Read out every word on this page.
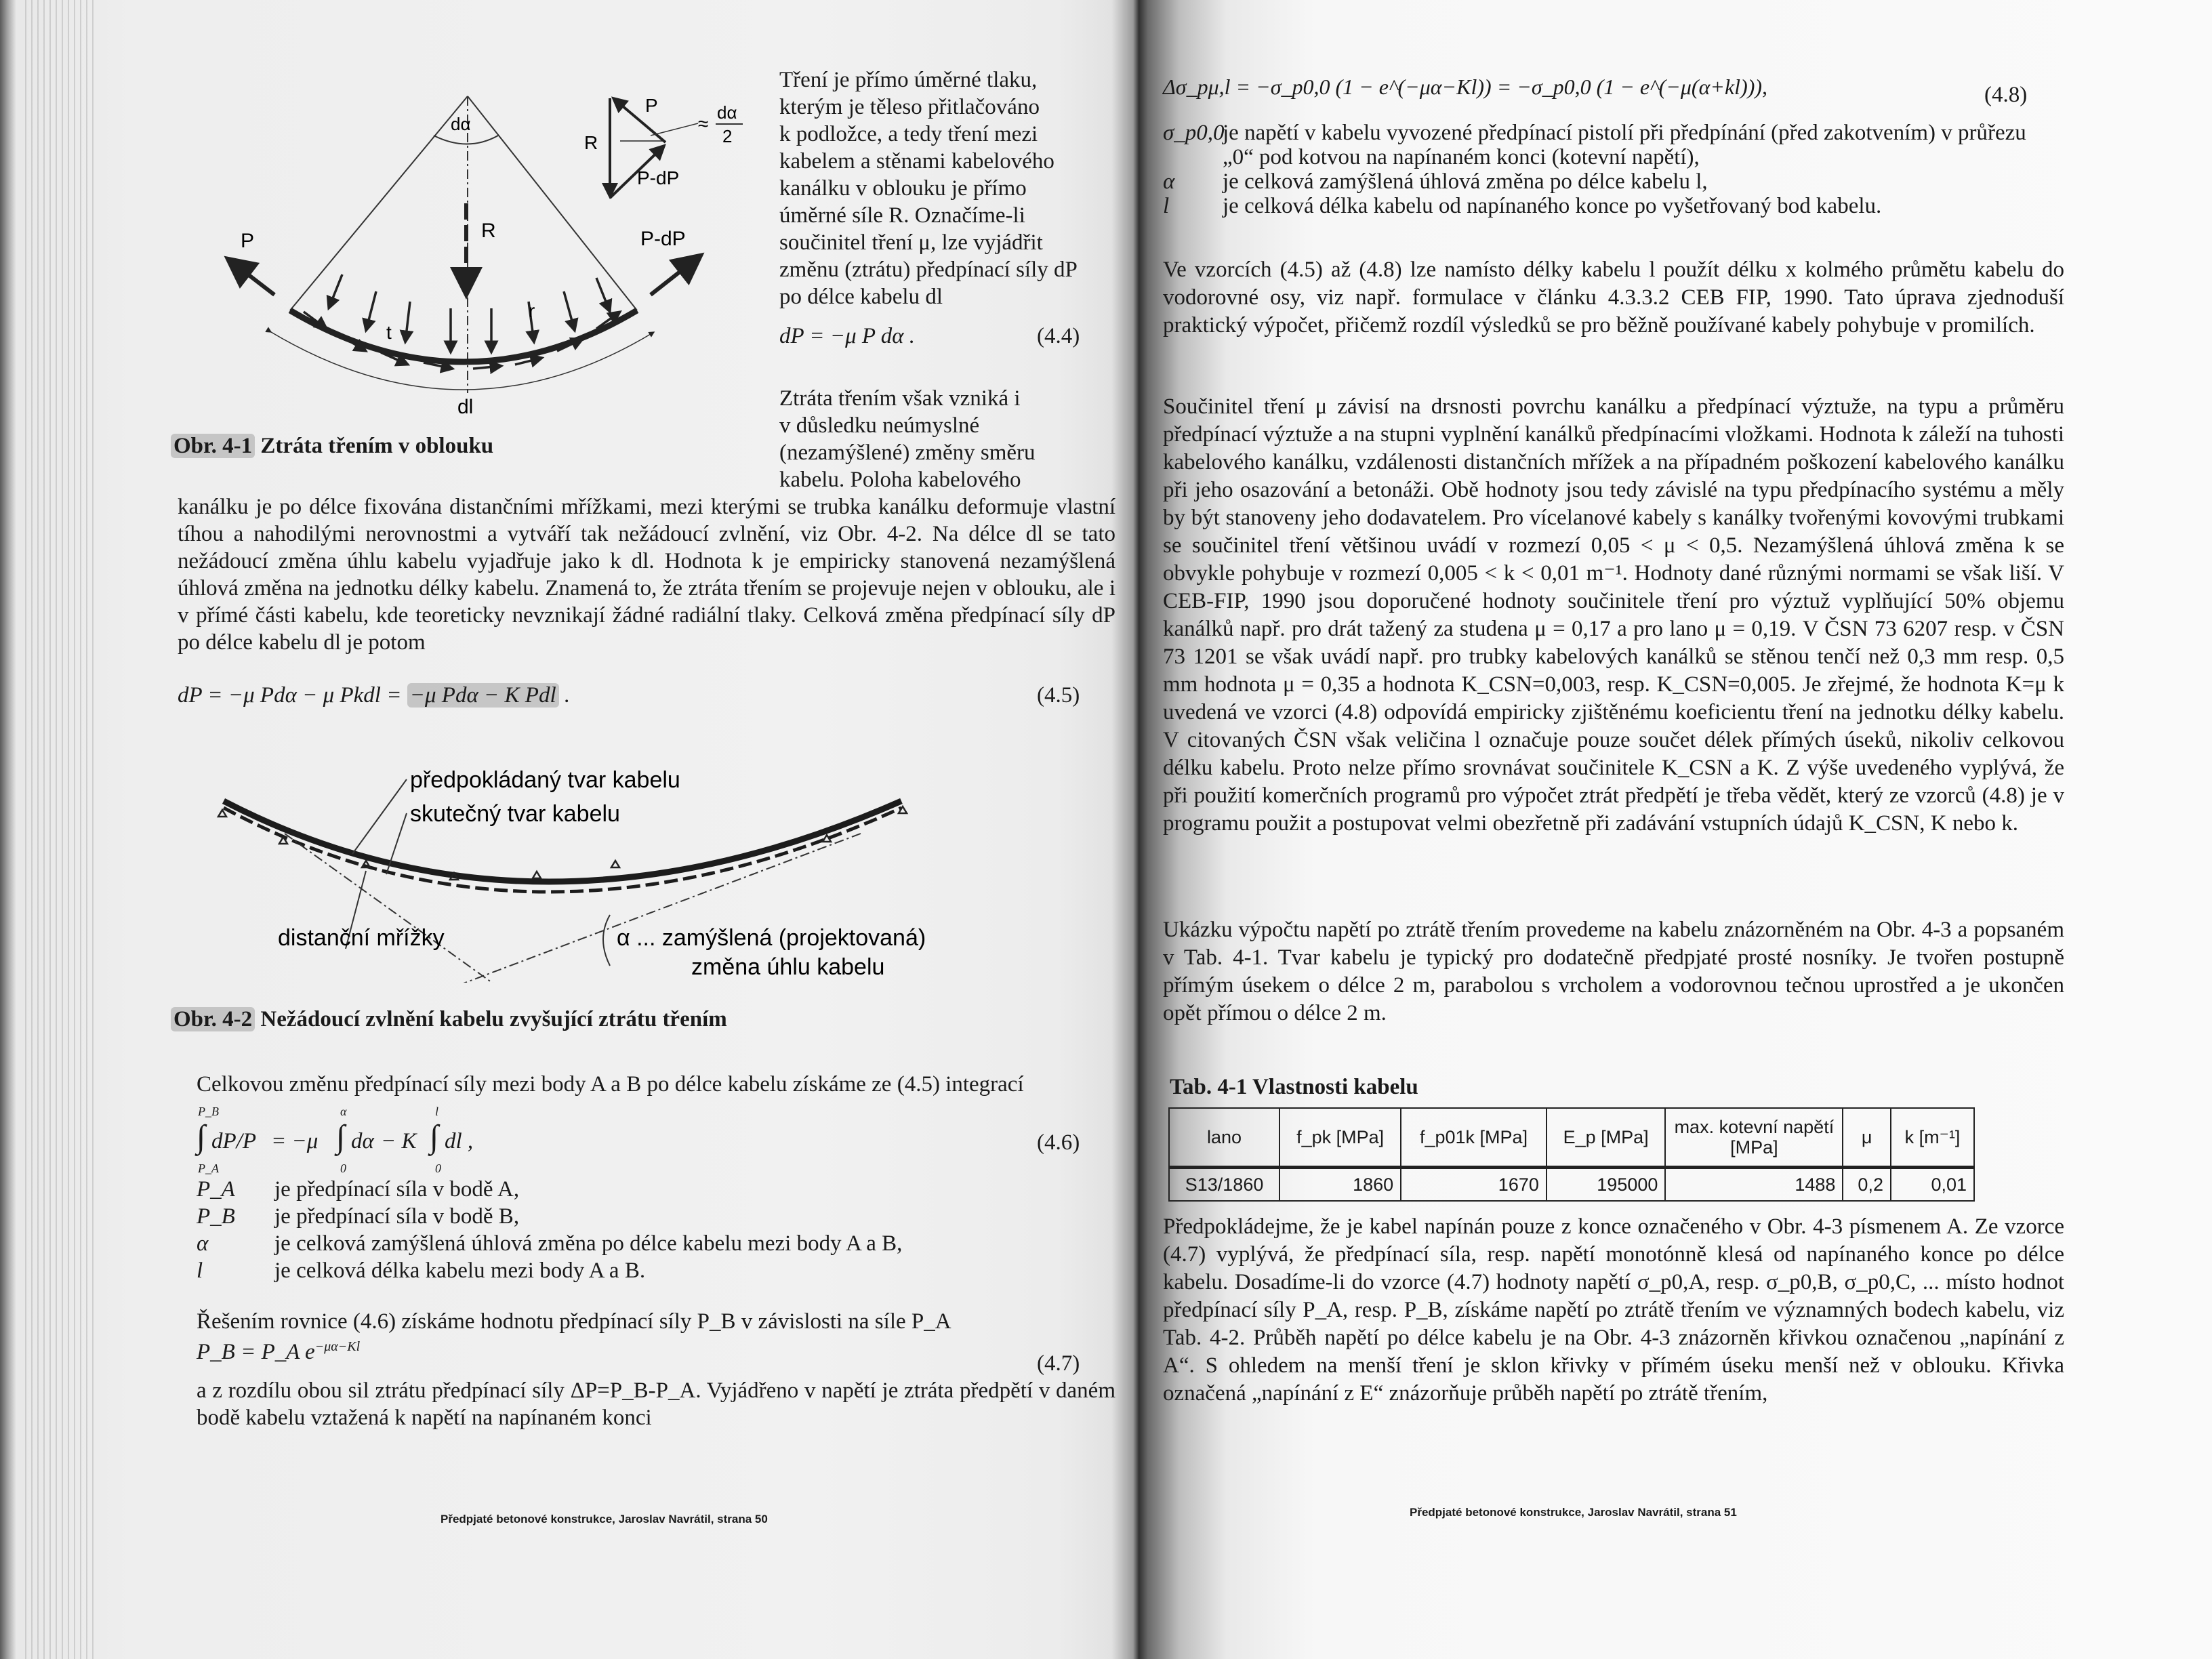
dα
R
P	P-dP
t
r
dl
P
R
P-dP
≈
dα
2
Obr. 4-1 Ztráta třením v oblouku

Tření je přímo úměrné tlaku,

kterým je těleso přitlačováno

k podložce, a tedy tření mezi

kabelem a stěnami kabelového

kanálku v oblouku je přímo

úměrné síle R. Označíme-li

součinitel tření μ, lze vyjádřit

změnu (ztrátu) předpínací síly dP

po délce kabelu dl

dP = −μ P dα .	(4.4)

Ztráta třením však vzniká i

v důsledku neúmyslné

(nezamýšlené) změny směru

kabelu. Poloha kabelového

kanálku je po délce fixována distančními mřížkami, mezi kterými se trubka kanálku deformuje vlastní tíhou a nahodilými nerovnostmi a vytváří tak nežádoucí zvlnění, viz Obr. 4-2. Na délce dl se tato nežádoucí změna úhlu kabelu vyjadřuje jako k dl. Hodnota k je empiricky stanovená nezamýšlená úhlová změna na jednotku délky kabelu. Znamená to, že ztráta třením se projevuje nejen v oblouku, ale i v přímé části kabelu, kde teoreticky nevznikají žádné radiální tlaky. Celková změna předpínací síly dP po délce kabelu dl je potom
dP = −μ Pdα − μ Pkdl = −μ Pdα − K Pdl .	(4.5)
předpokládaný tvar kabelu
skutečný tvar kabelu
distanční mřížky	α ... zamýšlená (projektovaná)
změna úhlu kabelu
Obr. 4-2 Nežádoucí zvlnění kabelu zvyšující ztrátu třením
Celkovou změnu předpínací síly mezi body A a B po délce kabelu získáme ze (4.5) integrací
P_B
∫
P_A
dP/P = −μ
α
∫
0
dα − K
l
∫
0
dl ,	(4.6)
P_A	je předpínací síla v bodě A,
P_B	je předpínací síla v bodě B,
α	je celková zamýšlená úhlová změna po délce kabelu mezi body A a B,
l	je celková délka kabelu mezi body A a B.
Řešením rovnice (4.6) získáme hodnotu předpínací síly P_B v závislosti na síle P_A
P_B = P_A $e^{-\mu\alpha-Kl}$
(4.7)
a z rozdílu obou sil ztrátu předpínací síly ΔP=P_B-P_A. Vyjádřeno v napětí je ztráta předpětí v daném bodě kabelu vztažená k napětí na napínaném konci
Předpjaté betonové konstrukce, Jaroslav Navrátil, strana 50
Δσ_pμ,l = −σ_p0,0 (1 − e^(−μα−Kl)) = −σ_p0,0 (1 − e^(−μ(α+kl))),	(4.8)
σ_p0,0
je napětí v kabelu vyvozené předpínací pistolí při předpínání (před zakotvením) v průřezu „0“ pod kotvou na napínaném konci (kotevní napětí),
α	je celková zamýšlená úhlová změna po délce kabelu l,
l	je celková délka kabelu od napínaného konce po vyšetřovaný bod kabelu.
Ve vzorcích (4.5) až (4.8) lze namísto délky kabelu l použít délku x kolmého průmětu kabelu do vodorovné osy, viz např. formulace v článku 4.3.3.2 CEB FIP, 1990. Tato úprava zjednoduší praktický výpočet, přičemž rozdíl výsledků se pro běžně používané kabely pohybuje v promilích.
Součinitel tření μ závisí na drsnosti povrchu kanálku a předpínací výztuže, na typu a průměru předpínací výztuže a na stupni vyplnění kanálků předpínacími vložkami. Hodnota k záleží na tuhosti kabelového kanálku, vzdálenosti distančních mřížek a na případném poškození kabelového kanálku při jeho osazování a betonáži. Obě hodnoty jsou tedy závislé na typu předpínacího systému a měly by být stanoveny jeho dodavatelem. Pro vícelanové kabely s kanálky tvořenými kovovými trubkami se součinitel tření většinou uvádí v rozmezí 0,05 < μ < 0,5. Nezamýšlená úhlová změna k se obvykle pohybuje v rozmezí 0,005 < k < 0,01 m⁻¹. Hodnoty dané různými normami se však liší. V CEB-FIP, 1990 jsou doporučené hodnoty součinitele tření pro výztuž vyplňující 50% objemu kanálků např. pro drát tažený za studena μ = 0,17 a pro lano μ = 0,19. V ČSN 73 6207 resp. v ČSN 73 1201 se však uvádí např. pro trubky kabelových kanálků se stěnou tenčí než 0,3 mm resp. 0,5 mm hodnota μ = 0,35 a hodnota K_CSN=0,003, resp. K_CSN=0,005. Je zřejmé, že hodnota K=μ k uvedená ve vzorci (4.8) odpovídá empiricky zjištěnému koeficientu tření na jednotku délky kabelu. V citovaných ČSN však veličina l označuje pouze součet délek přímých úseků, nikoliv celkovou délku kabelu. Proto nelze přímo srovnávat součinitele K_CSN a K. Z výše uvedeného vyplývá, že při použití komerčních programů pro výpočet ztrát předpětí je třeba vědět, který ze vzorců (4.8) je v programu použit a postupovat velmi obezřetně při zadávání vstupních údajů K_CSN, K nebo k.
Ukázku výpočtu napětí po ztrátě třením provedeme na kabelu znázorněném na Obr. 4-3 a popsaném v Tab. 4-1. Tvar kabelu je typický pro dodatečně předpjaté prosté nosníky. Je tvořen postupně přímým úsekem o délce 2 m, parabolou s vrcholem a vodorovnou tečnou uprostřed a je ukončen opět přímou o délce 2 m.
Tab. 4-1 Vlastnosti kabelu
lano	f_pk [MPa]	f_p01k [MPa]	E_p [MPa]	max. kotevní napětí [MPa]	μ	k [m⁻¹]
S13/1860	1860	1670	195000	1488	0,2	0,01
Předpokládejme, že je kabel napínán pouze z konce označeného v Obr. 4-3 písmenem A. Ze vzorce (4.7) vyplývá, že předpínací síla, resp. napětí monotónně klesá od napínaného konce po délce kabelu. Dosadíme-li do vzorce (4.7) hodnoty napětí σ_p0,A, resp. σ_p0,B, σ_p0,C, ... místo hodnot předpínací síly P_A, resp. P_B, získáme napětí po ztrátě třením ve významných bodech kabelu, viz Tab. 4-2. Průběh napětí po délce kabelu je na Obr. 4-3 znázorněn křivkou označenou „napínání z A“. S ohledem na menší tření je sklon křivky v přímém úseku menší než v oblouku. Křivka označená „napínání z E“ znázorňuje průběh napětí po ztrátě třením,
Předpjaté betonové konstrukce, Jaroslav Navrátil, strana 51
